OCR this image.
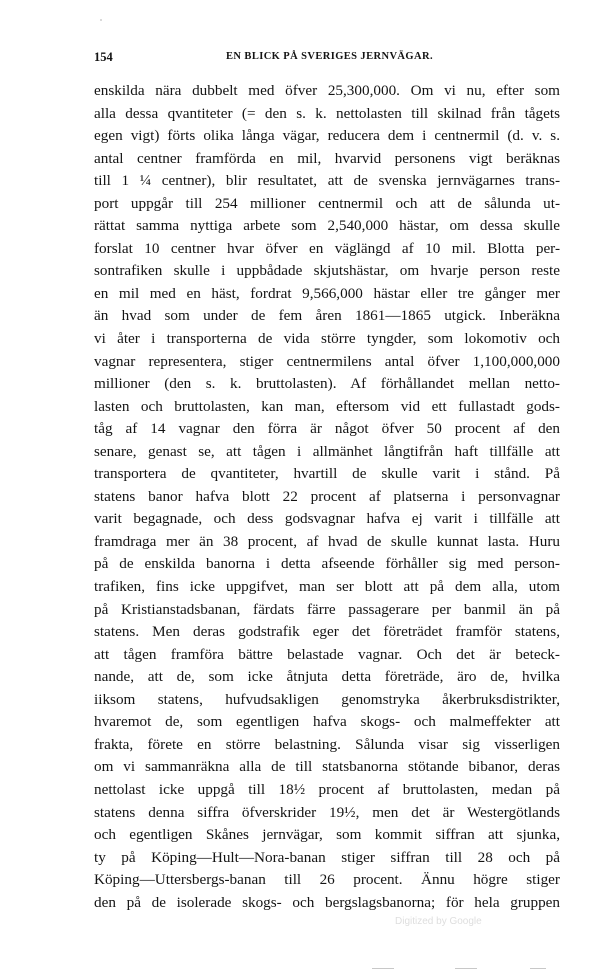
154	EN BLICK PÅ SVERIGES JERNVÄGAR.
enskilda nära dubbelt med öfver 25,300,000. Om vi nu, efter som
alla dessa qvantiteter (= den s. k. nettolasten till skilnad från tågets
egen vigt) förts olika långa vägar, reducera dem i centnermil (d. v. s.
antal centner framförda en mil, hvarvid personens vigt beräknas
till 1 ¼ centner), blir resultatet, att de svenska jernvägarnes trans-
port uppgår till 254 millioner centnermil och att de sålunda ut-
rättat samma nyttiga arbete som 2,540,000 hästar, om dessa skulle
forslat 10 centner hvar öfver en väglängd af 10 mil. Blotta per-
sontrafiken skulle i uppbådade skjutshästar, om hvarje person reste
en mil med en häst, fordrat 9,566,000 hästar eller tre gånger mer
än hvad som under de fem åren 1861—1865 utgick. Inberäkna
vi åter i transporterna de vida större tyngder, som lokomotiv och
vagnar representera, stiger centnermilens antal öfver 1,100,000,000
millioner (den s. k. bruttolasten). Af förhållandet mellan netto-
lasten och bruttolasten, kan man, eftersom vid ett fullastadt gods-
tåg af 14 vagnar den förra är något öfver 50 procent af den
senare, genast se, att tågen i allmänhet långtifrån haft tillfälle att
transportera de qvantiteter, hvartill de skulle varit i stånd. På
statens banor hafva blott 22 procent af platserna i personvagnar
varit begagnade, och dess godsvagnar hafva ej varit i tillfälle att
framdraga mer än 38 procent, af hvad de skulle kunnat lasta. Huru
på de enskilda banorna i detta afseende förhåller sig med person-
trafiken, fins icke uppgifvet, man ser blott att på dem alla, utom
på Kristianstadsbanan, färdats färre passagerare per banmil än på
statens. Men deras godstrafik eger det företrädet framför statens,
att tågen framföra bättre belastade vagnar. Och det är beteck-
nande, att de, som icke åtnjuta detta företräde, äro de, hvilka
iiksom statens, hufvudsakligen genomstryka åkerbruksdistrikter,
hvaremot de, som egentligen hafva skogs- och malmeffekter att
frakta, förete en större belastning. Sålunda visar sig visserligen
om vi sammanräkna alla de till statsbanorna stötande bibanor, deras
nettolast icke uppgå till 18½ procent af bruttolasten, medan på
statens denna siffra öfverskrider 19½, men det är Westergötlands
och egentligen Skånes jernvägar, som kommit siffran att sjunka,
ty på Köping—Hult—Nora-banan stiger siffran till 28 och på
Köping—Uttersbergs-banan till 26 procent. Ännu högre stiger
den på de isolerade skogs- och bergslagsbanorna; för hela gruppen
Digitized by Google
